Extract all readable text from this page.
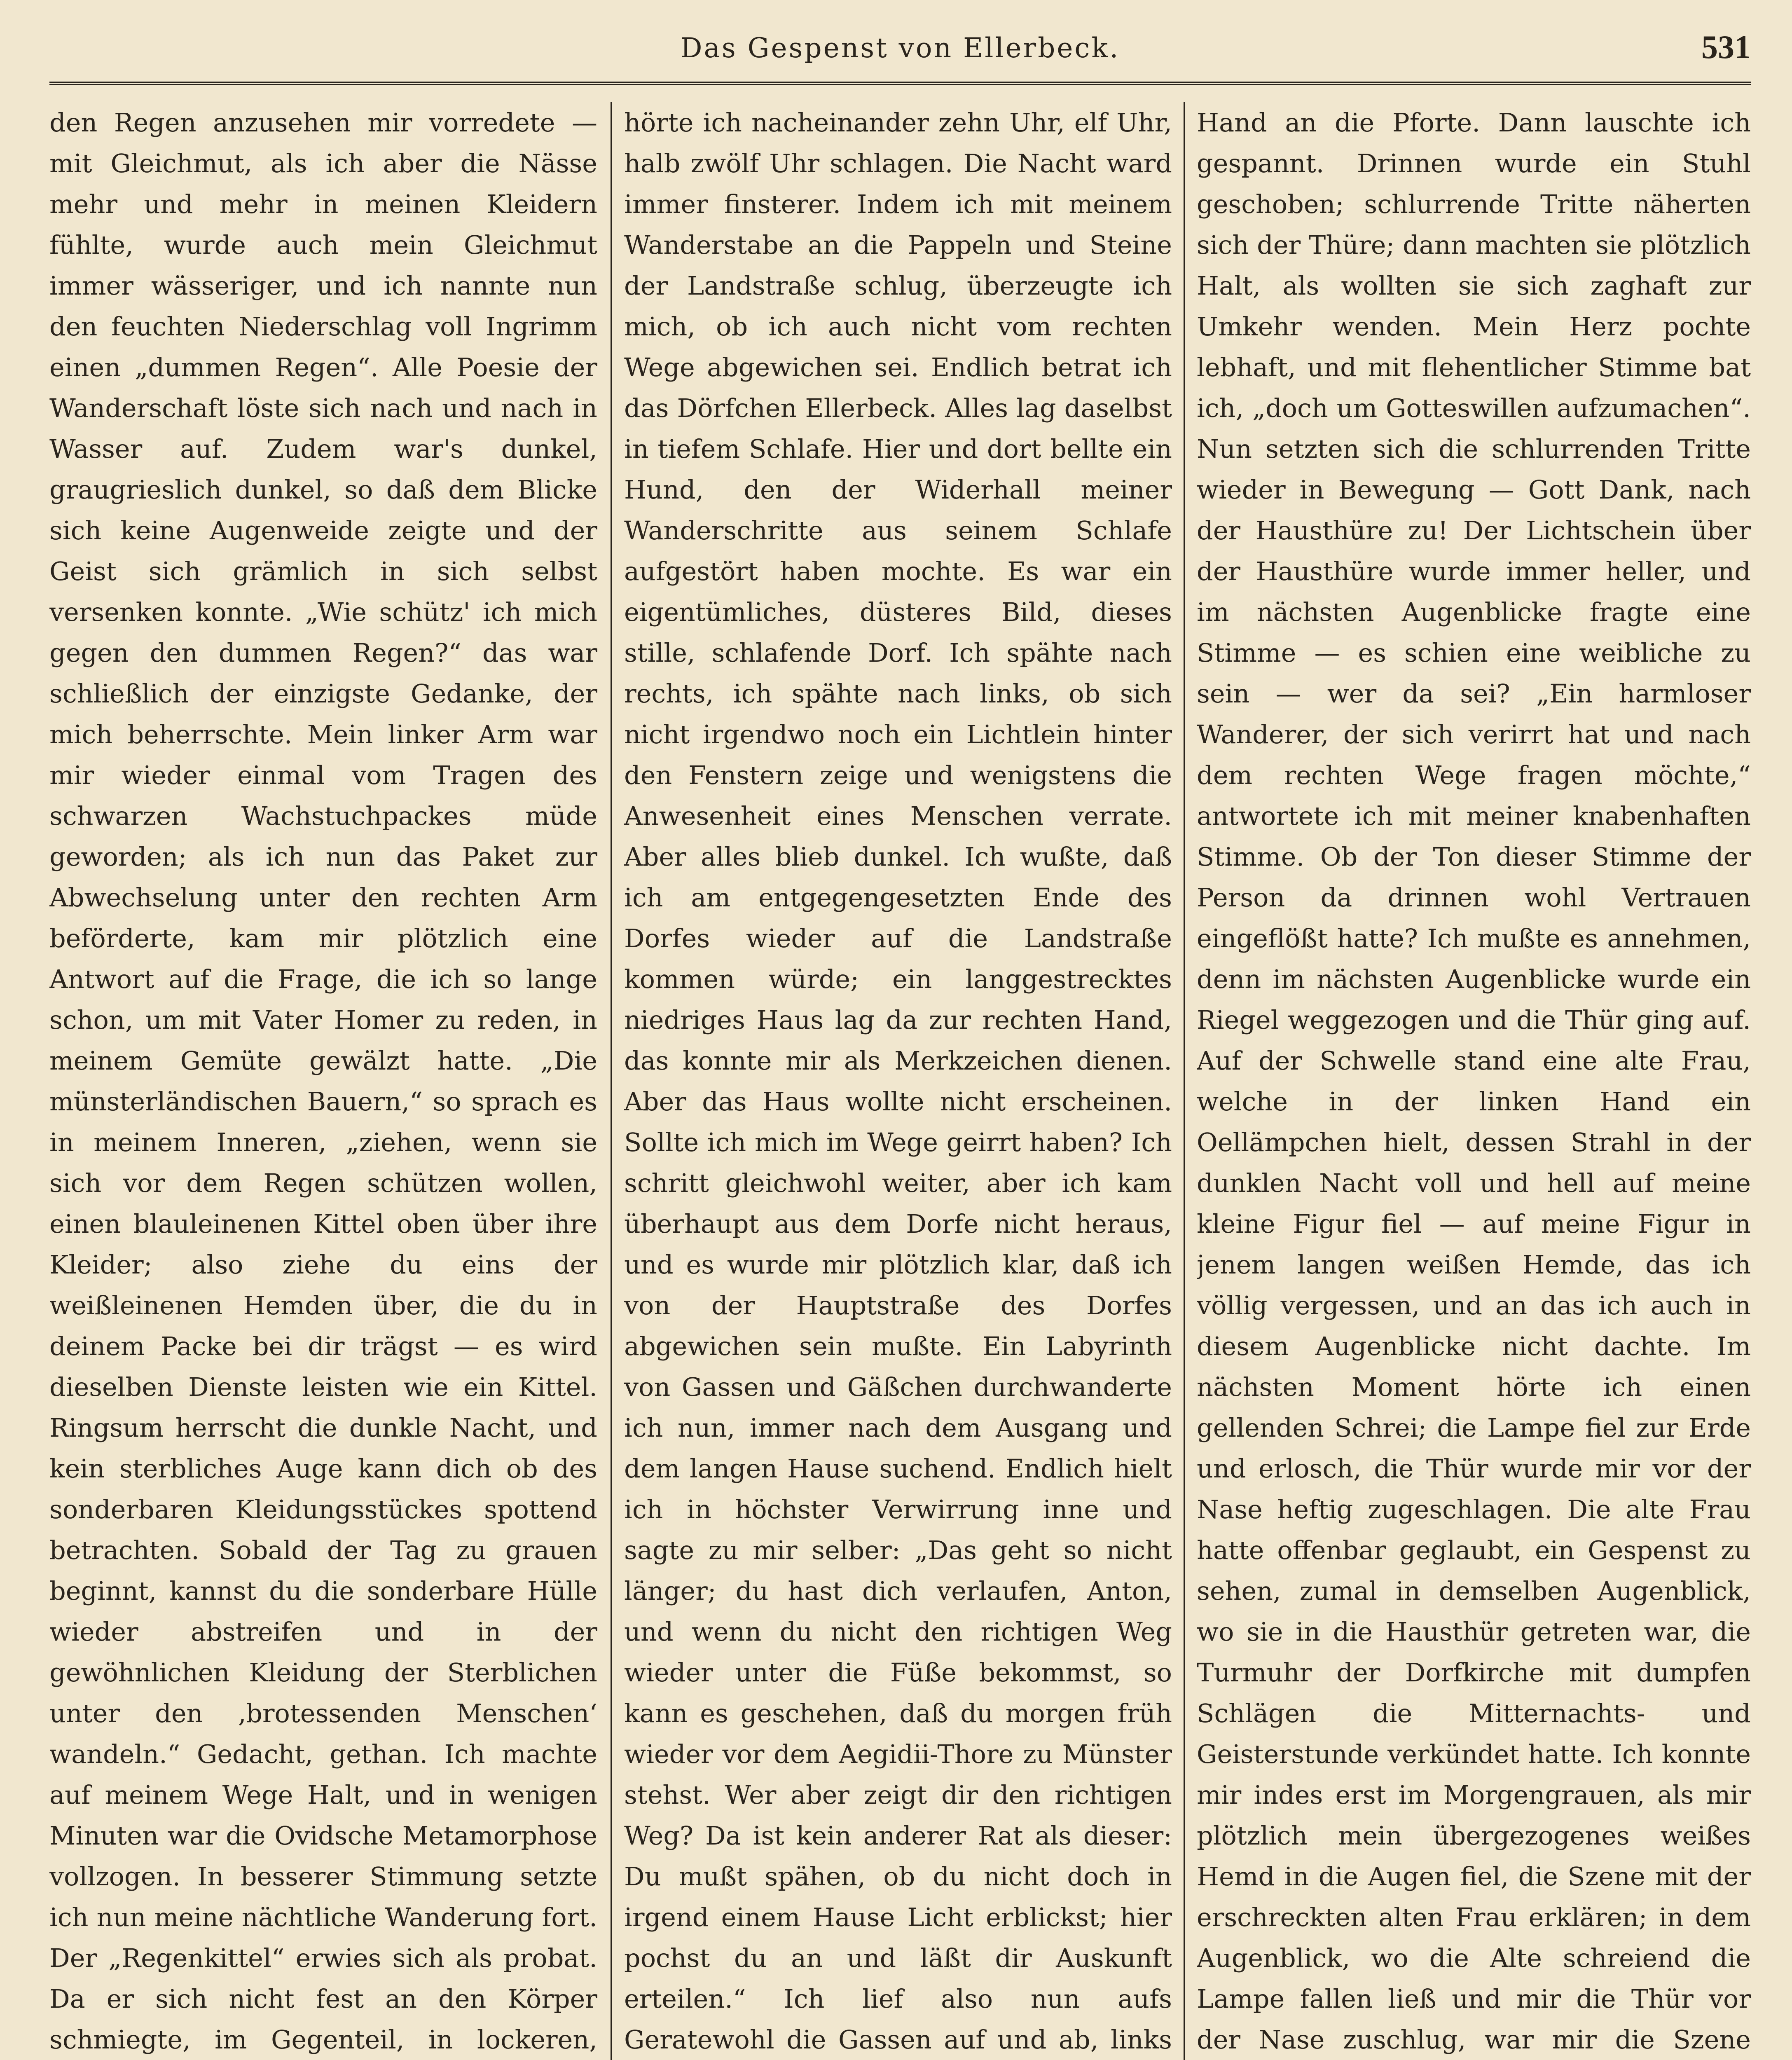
Das Gespenst von Ellerbeck.	531

den Regen anzusehen mir vorredete — mit Gleichmut, als ich aber die Nässe mehr und mehr in meinen Kleidern fühlte, wurde auch mein Gleichmut immer wässeriger, und ich nannte nun den feuchten Niederschlag voll Ingrimm einen „dummen Regen“. Alle Poesie der Wanderschaft löste sich nach und nach in Wasser auf. Zudem war's dunkel, graugrieslich dunkel, so daß dem Blicke sich keine Augenweide zeigte und der Geist sich grämlich in sich selbst versenken konnte. „Wie schütz' ich mich gegen den dummen Regen?“ das war schließlich der einzigste Gedanke, der mich beherrschte. Mein linker Arm war mir wieder einmal vom Tragen des schwarzen Wachstuchpackes müde geworden; als ich nun das Paket zur Abwechselung unter den rechten Arm beförderte, kam mir plötzlich eine Antwort auf die Frage, die ich so lange schon, um mit Vater Homer zu reden, in meinem Gemüte gewälzt hatte. „Die münsterländischen Bauern,“ so sprach es in meinem Inneren, „ziehen, wenn sie sich vor dem Regen schützen wollen, einen blauleinenen Kittel oben über ihre Kleider; also ziehe du eins der weißleinenen Hemden über, die du in deinem Packe bei dir trägst — es wird dieselben Dienste leisten wie ein Kittel. Ringsum herrscht die dunkle Nacht, und kein sterbliches Auge kann dich ob des sonderbaren Kleidungsstückes spottend betrachten. Sobald der Tag zu grauen beginnt, kannst du die sonderbare Hülle wieder abstreifen und in der gewöhnlichen Kleidung der Sterblichen unter den ‚brotessenden Menschen‘ wandeln.“ Gedacht, gethan. Ich machte auf meinem Wege Halt, und in wenigen Minuten war die Ovidsche Metamorphose vollzogen. In besserer Stimmung setzte ich nun meine nächtliche Wanderung fort. Der „Regenkittel“ erwies sich als probat. Da er sich nicht fest an den Körper schmiegte, im Gegenteil, in lockeren,

hörte ich nacheinander zehn Uhr, elf Uhr, halb zwölf Uhr schlagen. Die Nacht ward immer finsterer. Indem ich mit meinem Wanderstabe an die Pappeln und Steine der Landstraße schlug, überzeugte ich mich, ob ich auch nicht vom rechten Wege abgewichen sei. Endlich betrat ich das Dörfchen Ellerbeck. Alles lag daselbst in tiefem Schlafe. Hier und dort bellte ein Hund, den der Widerhall meiner Wanderschritte aus seinem Schlafe aufgestört haben mochte. Es war ein eigentümliches, düsteres Bild, dieses stille, schlafende Dorf. Ich spähte nach rechts, ich spähte nach links, ob sich nicht irgendwo noch ein Lichtlein hinter den Fenstern zeige und wenigstens die Anwesenheit eines Menschen verrate. Aber alles blieb dunkel. Ich wußte, daß ich am entgegengesetzten Ende des Dorfes wieder auf die Landstraße kommen würde; ein langgestrecktes niedriges Haus lag da zur rechten Hand, das konnte mir als Merkzeichen dienen. Aber das Haus wollte nicht erscheinen. Sollte ich mich im Wege geirrt haben? Ich schritt gleichwohl weiter, aber ich kam überhaupt aus dem Dorfe nicht heraus, und es wurde mir plötzlich klar, daß ich von der Hauptstraße des Dorfes abgewichen sein mußte. Ein Labyrinth von Gassen und Gäßchen durchwanderte ich nun, immer nach dem Ausgang und dem langen Hause suchend. Endlich hielt ich in höchster Verwirrung inne und sagte zu mir selber: „Das geht so nicht länger; du hast dich verlaufen, Anton, und wenn du nicht den richtigen Weg wieder unter die Füße bekommst, so kann es geschehen, daß du morgen früh wieder vor dem Aegidii-Thore zu Münster stehst. Wer aber zeigt dir den richtigen Weg? Da ist kein anderer Rat als dieser: Du mußt spähen, ob du nicht doch in irgend einem Hause Licht erblickst; hier pochst du an und läßt dir Auskunft erteilen.“ Ich lief also nun aufs Geratewohl die Gassen auf und ab, links

Hand an die Pforte. Dann lauschte ich gespannt. Drinnen wurde ein Stuhl geschoben; schlurrende Tritte näherten sich der Thüre; dann machten sie plötzlich Halt, als wollten sie sich zaghaft zur Umkehr wenden. Mein Herz pochte lebhaft, und mit flehentlicher Stimme bat ich, „doch um Gotteswillen aufzumachen“. Nun setzten sich die schlurrenden Tritte wieder in Bewegung — Gott Dank, nach der Hausthüre zu! Der Lichtschein über der Hausthüre wurde immer heller, und im nächsten Augenblicke fragte eine Stimme — es schien eine weibliche zu sein — wer da sei? „Ein harmloser Wanderer, der sich verirrt hat und nach dem rechten Wege fragen möchte,“ antwortete ich mit meiner knabenhaften Stimme. Ob der Ton dieser Stimme der Person da drinnen wohl Vertrauen eingeflößt hatte? Ich mußte es annehmen, denn im nächsten Augenblicke wurde ein Riegel weggezogen und die Thür ging auf. Auf der Schwelle stand eine alte Frau, welche in der linken Hand ein Oellämpchen hielt, dessen Strahl in der dunklen Nacht voll und hell auf meine kleine Figur fiel — auf meine Figur in jenem langen weißen Hemde, das ich völlig vergessen, und an das ich auch in diesem Augenblicke nicht dachte. Im nächsten Moment hörte ich einen gellenden Schrei; die Lampe fiel zur Erde und erlosch, die Thür wurde mir vor der Nase heftig zugeschlagen. Die alte Frau hatte offenbar geglaubt, ein Gespenst zu sehen, zumal in demselben Augenblick, wo sie in die Hausthür getreten war, die Turmuhr der Dorfkirche mit dumpfen Schlägen die Mitternachts- und Geisterstunde verkündet hatte. Ich konnte mir indes erst im Morgengrauen, als mir plötzlich mein übergezogenes weißes Hemd in die Augen fiel, die Szene mit der erschreckten alten Frau erklären; in dem Augenblick, wo die Alte schreiend die Lampe fallen ließ und mir die Thür vor der Nase zuschlug, war mir die Szene
